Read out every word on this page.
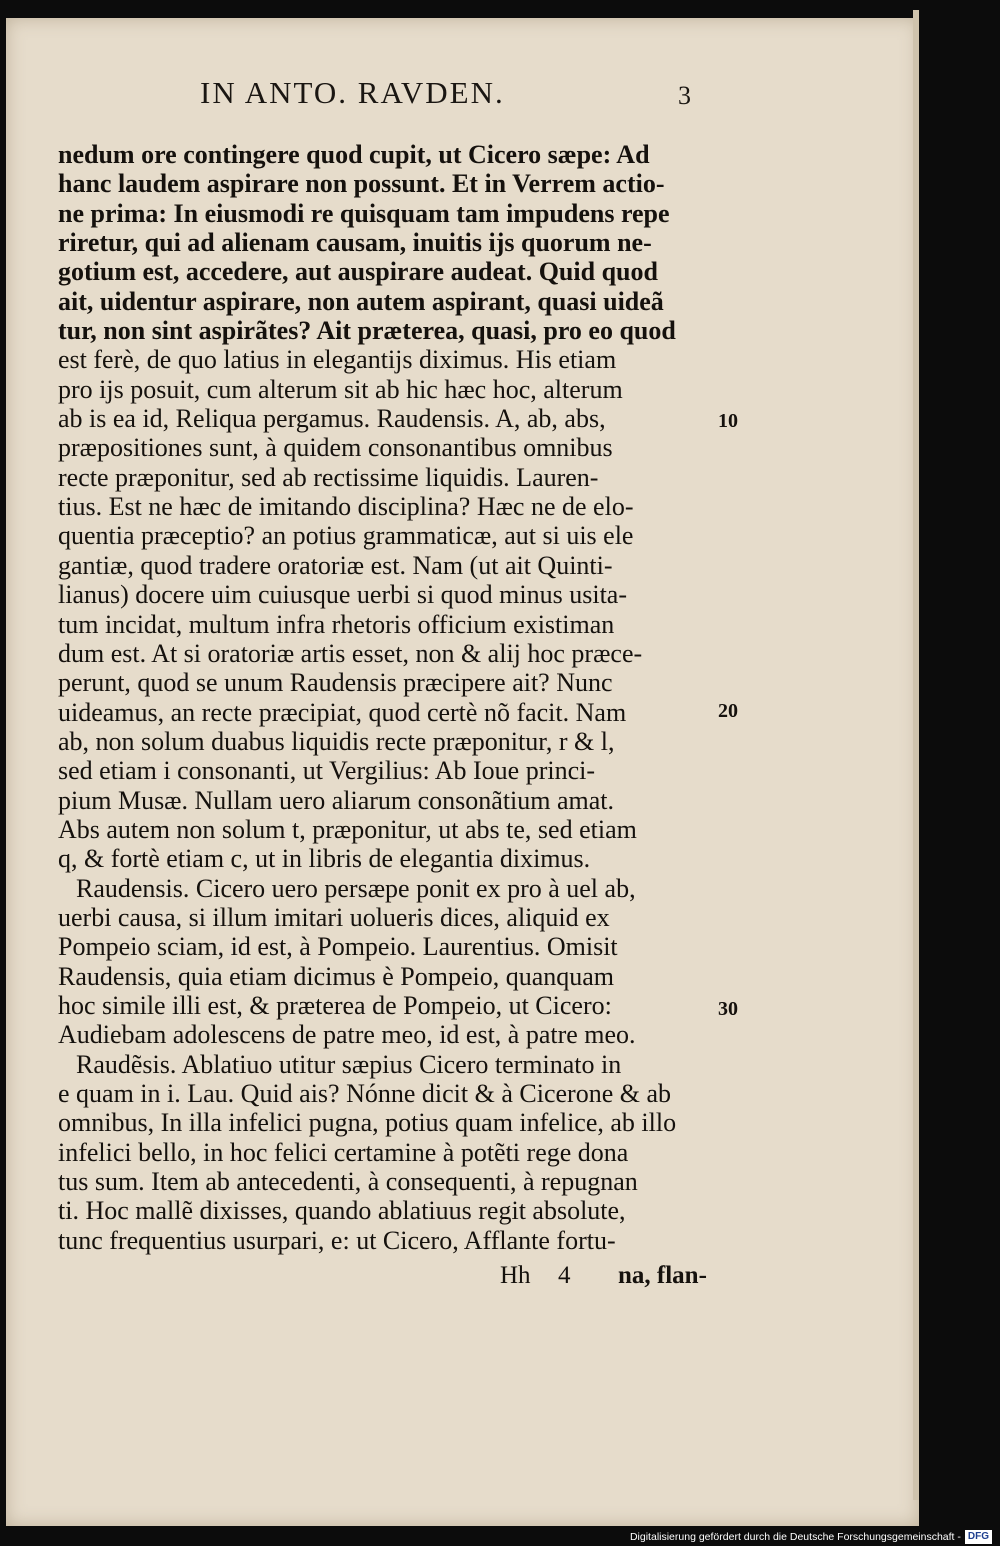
IN ANTO. RAVDEN.	3
nedum ore contingere quod cupit, ut Cicero sæpe: Ad
hanc laudem aspirare non possunt. Et in Verrem actio-
ne prima: In eiusmodi re quisquam tam impudens repe
riretur, qui ad alienam causam, inuitis ijs quorum ne-
gotium est, accedere, aut auspirare audeat. Quid quod
ait, uidentur aspirare, non autem aspirant, quasi uideã
tur, non sint aspirãtes? Ait præterea, quasi, pro eo quod
est ferè, de quo latius in elegantijs diximus. His etiam
pro ijs posuit, cum alterum sit ab hic hæc hoc, alterum
ab is ea id, Reliqua pergamus. Raudensis. A, ab, abs,
præpositiones sunt, à quidem consonantibus omnibus
recte præponitur, sed ab rectissime liquidis. Lauren-
tius. Est ne hæc de imitando disciplina? Hæc ne de elo-
quentia præceptio? an potius grammaticæ, aut si uis ele
gantiæ, quod tradere oratoriæ est. Nam (ut ait Quinti-
lianus) docere uim cuiusque uerbi si quod minus usita-
tum incidat, multum infra rhetoris officium existiman
dum est. At si oratoriæ artis esset, non & alij hoc præce-
perunt, quod se unum Raudensis præcipere ait? Nunc
uideamus, an recte præcipiat, quod certè nõ facit. Nam
ab, non solum duabus liquidis recte præponitur, r & l,
sed etiam i consonanti, ut Vergilius: Ab Ioue princi-
pium Musæ. Nullam uero aliarum consonãtium amat.
Abs autem non solum t, præponitur, ut abs te, sed etiam
q, & fortè etiam c, ut in libris de elegantia diximus.
Raudensis. Cicero uero persæpe ponit ex pro à uel ab,
uerbi causa, si illum imitari uolueris dices, aliquid ex
Pompeio sciam, id est, à Pompeio. Laurentius. Omisit
Raudensis, quia etiam dicimus è Pompeio, quanquam
hoc simile illi est, & præterea de Pompeio, ut Cicero:
Audiebam adolescens de patre meo, id est, à patre meo.
Raudẽsis. Ablatiuo utitur sæpius Cicero terminato in
e quam in i. Lau. Quid ais? Nónne dicit & à Cicerone & ab
omnibus, In illa infelici pugna, potius quam infelice, ab illo
infelici bello, in hoc felici certamine à potẽti rege dona
tus sum. Item ab antecedenti, à consequenti, à repugnan
ti. Hoc mallẽ dixisses, quando ablatiuus regit absolute,
tunc frequentius usurpari, e: ut Cicero, Afflante fortu-
10
20
30
Hh 4 na, flan-
Digitalisierung gefördert durch die Deutsche Forschungsgemeinschaft - DFG
